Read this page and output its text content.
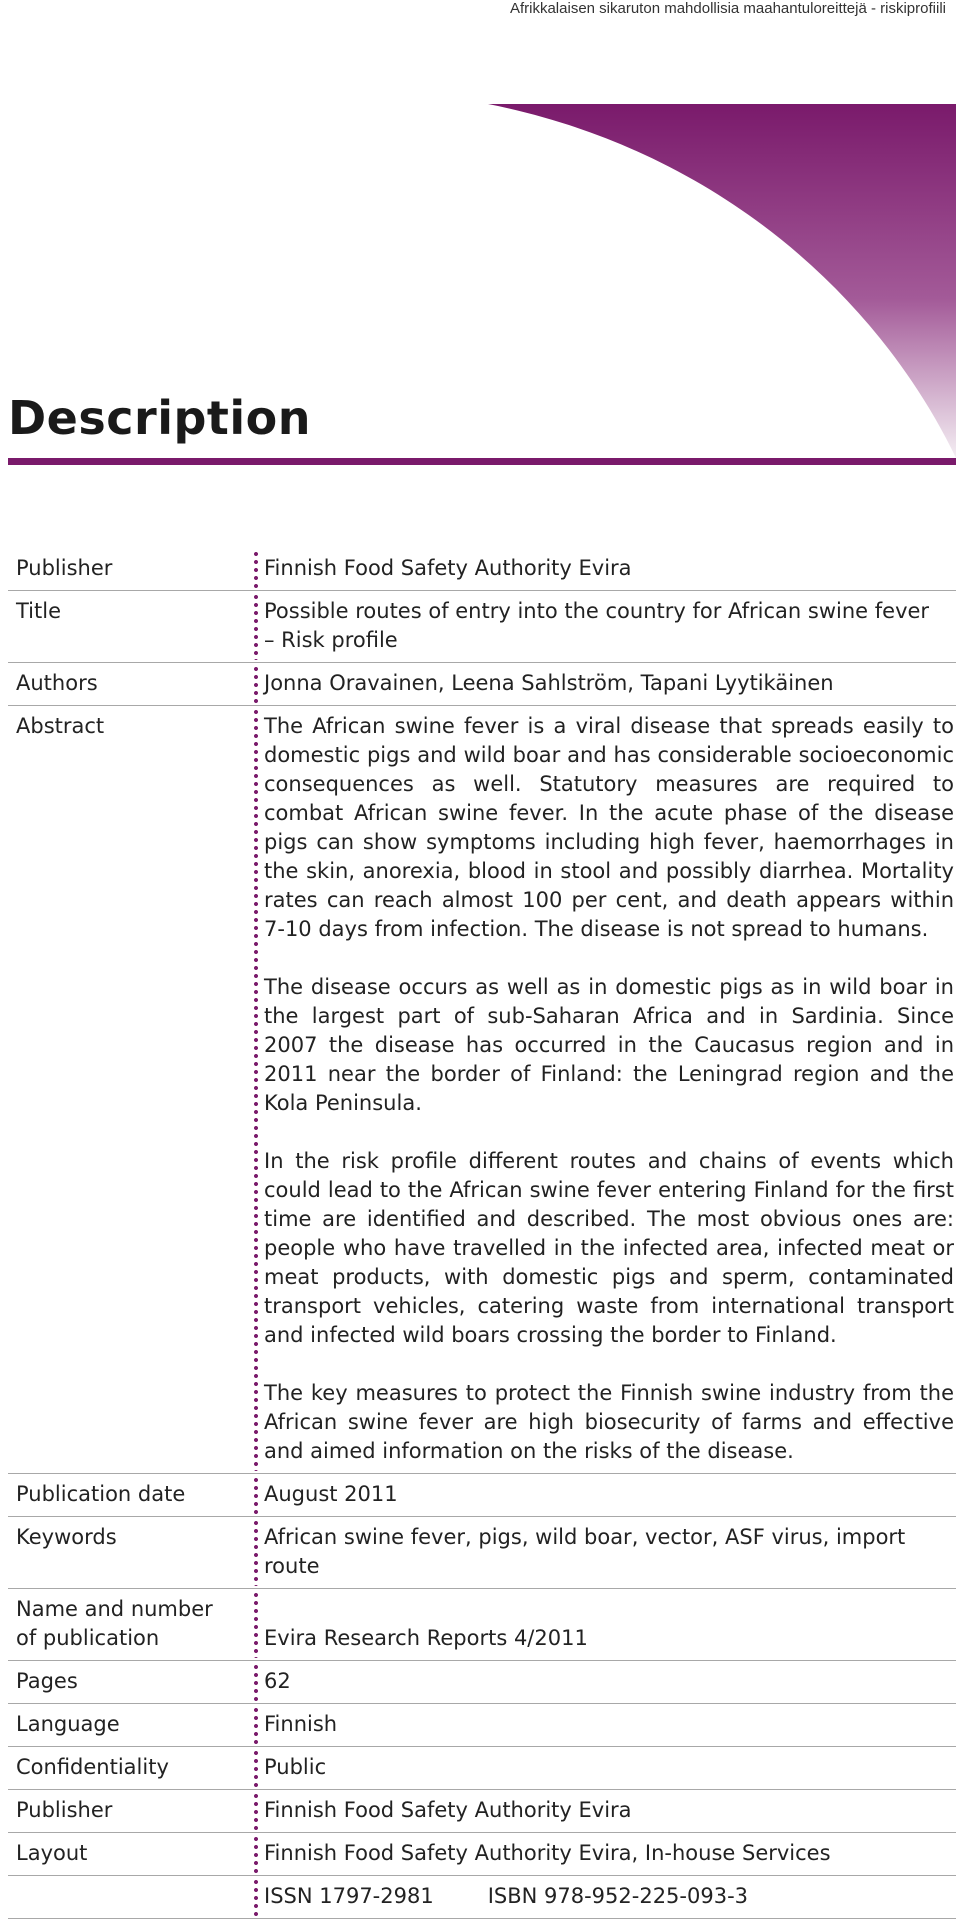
Afrikkalaisen sikaruton mahdollisia maahantuloreittejä - riskiprofiili
Description
Publisher	Finnish Food Safety Authority Evira
Title	Possible routes of entry into the country for African swine fever
– Risk profile

Authors	Jonna Oravainen, Leena Sahlström, Tapani Lyytikäinen
Abstract	The African swine fever is a viral disease that spreads easily to domestic pigs and wild boar and has considerable socioeconomic consequences as well. Statutory measures are required to combat African swine fever. In the acute phase of the disease pigs can show symptoms including high fever, haemorrhages in the skin, anorexia, blood in stool and possibly diarrhea. Mortality rates can reach almost 100 per cent, and death appears within 7-10 days from infection. The disease is not spread to humans.

The disease occurs as well as in domestic pigs as in wild boar in the largest part of sub-Saharan Africa and in Sardinia. Since 2007 the disease has occurred in the Caucasus region and in 2011 near the border of Finland: the Leningrad region and the Kola Peninsula.

In the risk profile different routes and chains of events which could lead to the African swine fever entering Finland for the first time are identified and described. The most obvious ones are: people who have travelled in the infected area, infected meat or meat products, with domestic pigs and sperm, contaminated transport vehicles, catering waste from international transport and infected wild boars crossing the border to Finland.

The key measures to protect the Finnish swine industry from the African swine fever are high biosecurity of farms and effective and aimed information on the risks of the disease.

Publication date	August 2011
Keywords	African swine fever, pigs, wild boar, vector, ASF virus, import route

Name and number
of publication	Evira Research Reports 4/2011

Pages	62
Language	Finnish
Confidentiality	Public
Publisher	Finnish Food Safety Authority Evira
Layout	Finnish Food Safety Authority Evira, In-house Services
	ISSN 1797-2981 ISBN 978-952-225-093-3
